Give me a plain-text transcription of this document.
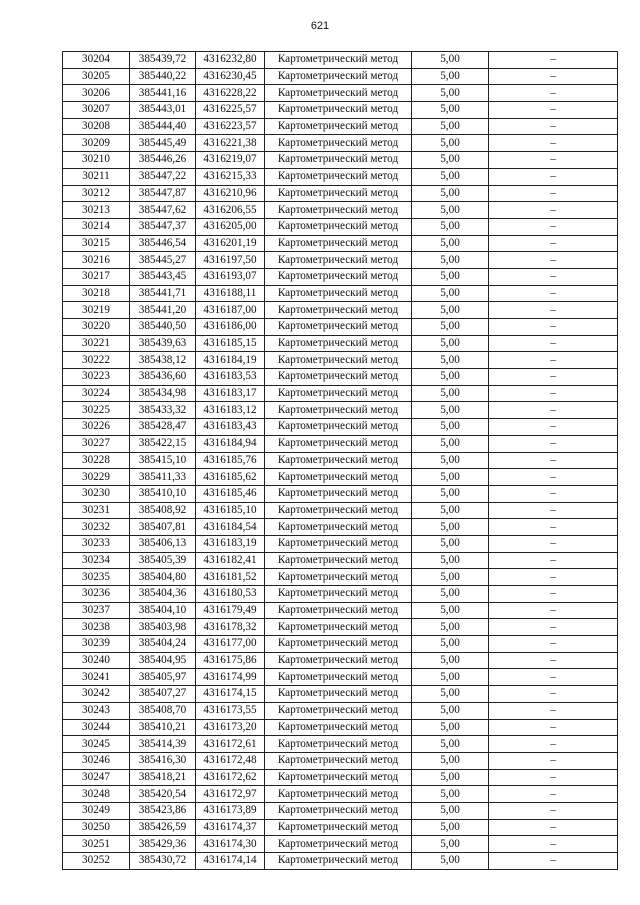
621
30204	385439,72	4316232,80	Картометрический метод	5,00	–
30205	385440,22	4316230,45	Картометрический метод	5,00	–
30206	385441,16	4316228,22	Картометрический метод	5,00	–
30207	385443,01	4316225,57	Картометрический метод	5,00	–
30208	385444,40	4316223,57	Картометрический метод	5,00	–
30209	385445,49	4316221,38	Картометрический метод	5,00	–
30210	385446,26	4316219,07	Картометрический метод	5,00	–
30211	385447,22	4316215,33	Картометрический метод	5,00	–
30212	385447,87	4316210,96	Картометрический метод	5,00	–
30213	385447,62	4316206,55	Картометрический метод	5,00	–
30214	385447,37	4316205,00	Картометрический метод	5,00	–
30215	385446,54	4316201,19	Картометрический метод	5,00	–
30216	385445,27	4316197,50	Картометрический метод	5,00	–
30217	385443,45	4316193,07	Картометрический метод	5,00	–
30218	385441,71	4316188,11	Картометрический метод	5,00	–
30219	385441,20	4316187,00	Картометрический метод	5,00	–
30220	385440,50	4316186,00	Картометрический метод	5,00	–
30221	385439,63	4316185,15	Картометрический метод	5,00	–
30222	385438,12	4316184,19	Картометрический метод	5,00	–
30223	385436,60	4316183,53	Картометрический метод	5,00	–
30224	385434,98	4316183,17	Картометрический метод	5,00	–
30225	385433,32	4316183,12	Картометрический метод	5,00	–
30226	385428,47	4316183,43	Картометрический метод	5,00	–
30227	385422,15	4316184,94	Картометрический метод	5,00	–
30228	385415,10	4316185,76	Картометрический метод	5,00	–
30229	385411,33	4316185,62	Картометрический метод	5,00	–
30230	385410,10	4316185,46	Картометрический метод	5,00	–
30231	385408,92	4316185,10	Картометрический метод	5,00	–
30232	385407,81	4316184,54	Картометрический метод	5,00	–
30233	385406,13	4316183,19	Картометрический метод	5,00	–
30234	385405,39	4316182,41	Картометрический метод	5,00	–
30235	385404,80	4316181,52	Картометрический метод	5,00	–
30236	385404,36	4316180,53	Картометрический метод	5,00	–
30237	385404,10	4316179,49	Картометрический метод	5,00	–
30238	385403,98	4316178,32	Картометрический метод	5,00	–
30239	385404,24	4316177,00	Картометрический метод	5,00	–
30240	385404,95	4316175,86	Картометрический метод	5,00	–
30241	385405,97	4316174,99	Картометрический метод	5,00	–
30242	385407,27	4316174,15	Картометрический метод	5,00	–
30243	385408,70	4316173,55	Картометрический метод	5,00	–
30244	385410,21	4316173,20	Картометрический метод	5,00	–
30245	385414,39	4316172,61	Картометрический метод	5,00	–
30246	385416,30	4316172,48	Картометрический метод	5,00	–
30247	385418,21	4316172,62	Картометрический метод	5,00	–
30248	385420,54	4316172,97	Картометрический метод	5,00	–
30249	385423,86	4316173,89	Картометрический метод	5,00	–
30250	385426,59	4316174,37	Картометрический метод	5,00	–
30251	385429,36	4316174,30	Картометрический метод	5,00	–
30252	385430,72	4316174,14	Картометрический метод	5,00	–
